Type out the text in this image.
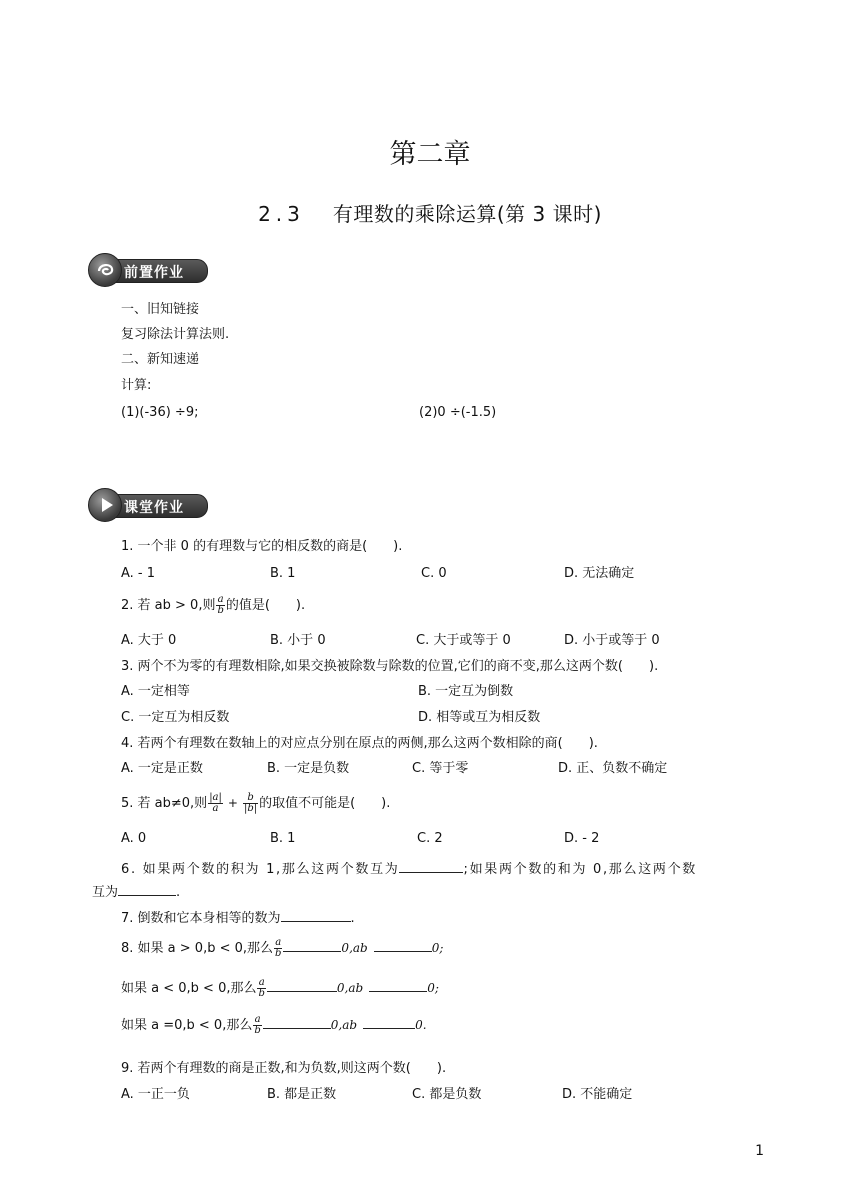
第二章
2.3 有理数的乘除运算(第 3 课时)
前置作业
一、旧知链接
复习除法计算法则.
二、新知速递
计算:
(1)(-36) ÷9;	(2)0 ÷(-1.5)
课堂作业
1. 一个非 0 的有理数与它的相反数的商是(　　).
A. - 1	B. 1	C. 0	D. 无法确定
2. 若 ab > 0,则 $\frac{a}{b}$ 的值是(　　).
A. 大于 0	B. 小于 0	C. 大于或等于 0	D. 小于或等于 0
3. 两个不为零的有理数相除,如果交换被除数与除数的位置,它们的商不变,那么这两个数(　　).
A. 一定相等	B. 一定互为倒数
C. 一定互为相反数	D. 相等或互为相反数
4. 若两个有理数在数轴上的对应点分别在原点的两侧,那么这两个数相除的商(　　).
A. 一定是正数	B. 一定是负数	C. 等于零	D. 正、负数不确定
5. 若 ab≠0,则 $\frac{|a|}{a} + \frac{b}{|b|}$ 的取值不可能是(　　).
A. 0	B. 1	C. 2	D. - 2
6. 如果两个数的积为 1,那么这两个数互为	;如果两个数的和为 0,那么这两个数
互为	.
7. 倒数和它本身相等的数为	.
8. 如果 a > 0,b < 0,那么 $\frac{a}{b}$	0,ab	0;
如果 a < 0,b < 0,那么 $\frac{a}{b}$	0,ab	0;
如果 a =0,b < 0,那么 $\frac{a}{b}$	0,ab	0.
9. 若两个有理数的商是正数,和为负数,则这两个数(　　).
A. 一正一负	B. 都是正数	C. 都是负数	D. 不能确定
1
